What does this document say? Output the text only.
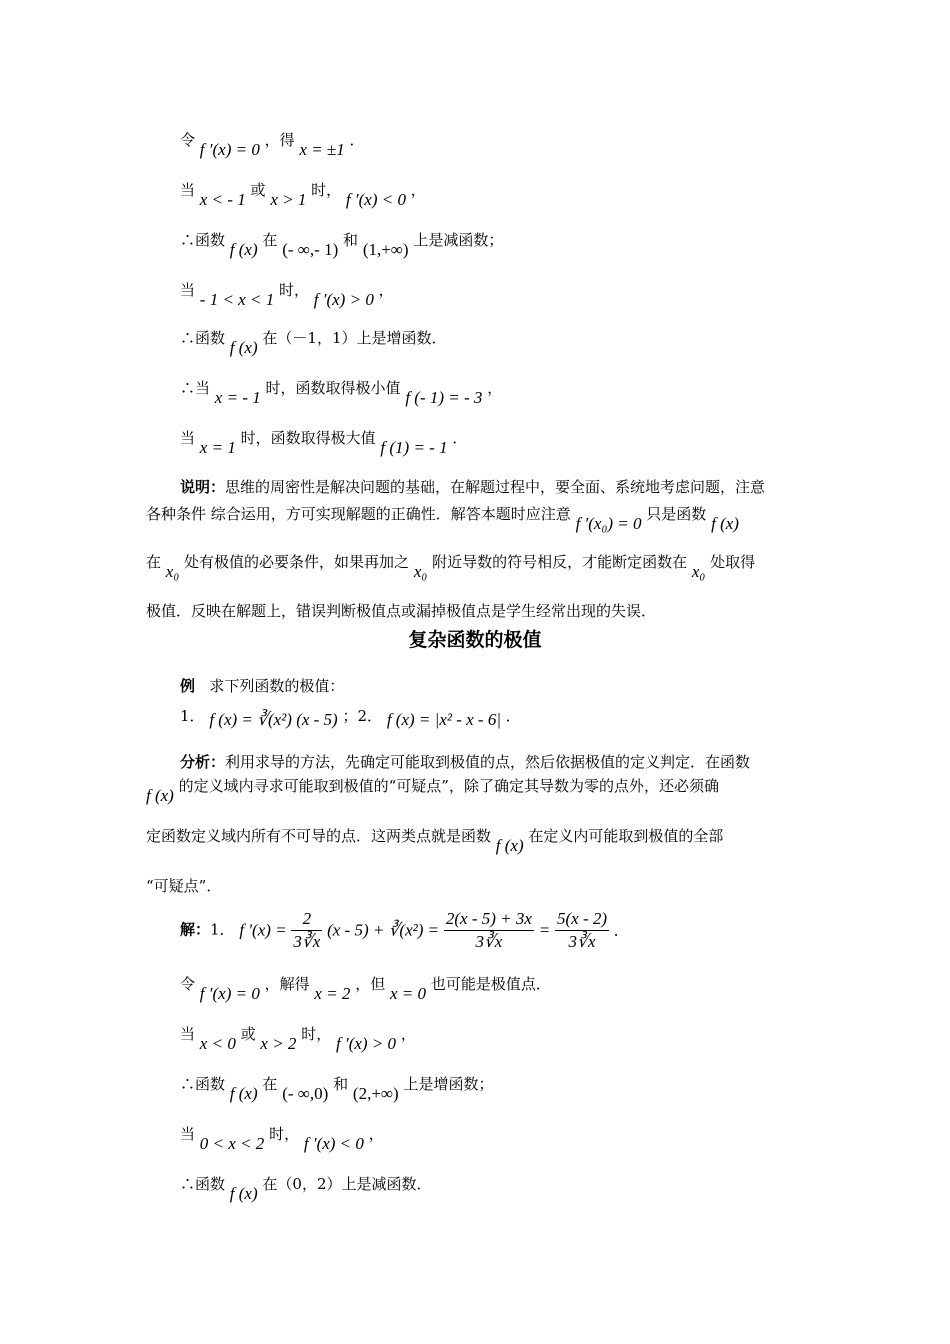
令 f ′(x) = 0 ，得 x = ±1 ．
当 x < - 1 或 x > 1 时， f ′(x) < 0 ，
∴函数 f (x) 在 (- ∞,- 1) 和 (1,+∞) 上是减函数；
当 - 1 < x < 1 时， f ′(x) > 0 ，
∴函数 f (x) 在（－1，1）上是增函数．
∴当 x = - 1 时，函数取得极小值 f (- 1) = - 3 ，
当 x = 1 时，函数取得极大值 f (1) = - 1 ．
说明：思维的周密性是解决问题的基础，在解题过程中，要全面、系统地考虑问题，注意
各种条件 综合运用，方可实现解题的正确性．解答本题时应注意 f ′(x₀) = 0 只是函数 f (x)
在 x₀ 处有极值的必要条件，如果再加之 x₀ 附近导数的符号相反，才能断定函数在 x₀ 处取得
极值．反映在解题上，错误判断极值点或漏掉极值点是学生经常出现的失误．
复杂函数的极值
例 求下列函数的极值：
1． f (x) = ∛(x²) (x - 5) ；2． f (x) = |x² - x - 6| ．
分析：利用求导的方法，先确定可能取到极值的点，然后依据极值的定义判定．在函数
f (x) 的定义域内寻求可能取到极值的“可疑点”，除了确定其导数为零的点外，还必须确
定函数定义域内所有不可导的点．这两类点就是函数 f (x) 在定义内可能取到极值的全部
“可疑点”．
解：1． f $'(x) = \frac{2}{3∛x} (x - 5)$ + ∛(x²) = $\frac{2(x - 5) + 3x}{3∛x} = \frac{5(x - 2)}{3∛x}$ ．
令 f ′(x) = 0 ，解得 x = 2 ，但 x = 0 也可能是极值点．
当 x < 0 或 x > 2 时， f ′(x) > 0 ，
∴函数 f (x) 在 (- ∞,0) 和 (2,+∞) 上是增函数；
当 0 < x < 2 时， f ′(x) < 0 ，
∴函数 f (x) 在（0，2）上是减函数．
